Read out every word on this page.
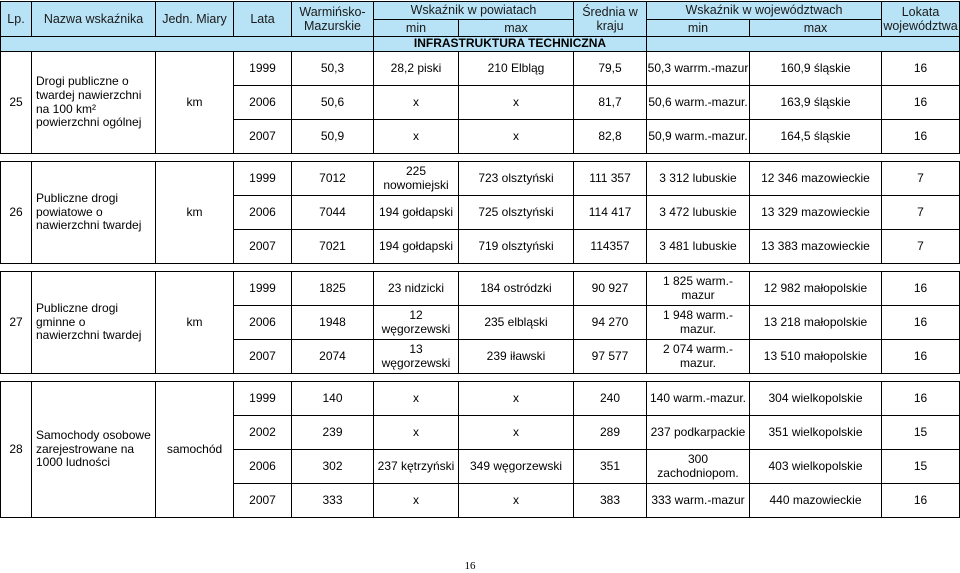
Lp.	Nazwa wskaźnika	Jedn. Miary	Lata	Warmińsko-Mazurskie	Wskaźnik w powiatach		Średnia w kraju	Wskaźnik w województwach		Lokata województwa
					min	max		min	max	
					INFRASTRUKTURA TECHNICZNA					
25	Drogi publiczne o twardej nawierzchni na 100 km² powierzchni ogólnej	km	1999	50,3	28,2 piski	210 Elbląg	79,5	50,3 warrm.-mazur	160,9 śląskie	16
			2006	50,6	x	x	81,7	50,6 warm.-mazur.	163,9 śląskie	16
			2007	50,9	x	x	82,8	50,9 warm.-mazur.	164,5 śląskie	16

26	Publiczne drogi powiatowe o nawierzchni twardej	km	1999	7012	225 nowomiejski	723 olsztyński	111 357	3 312 lubuskie	12 346 mazowieckie	7
			2006	7044	194 gołdapski	725 olsztyński	114 417	3 472 lubuskie	13 329 mazowieckie	7
			2007	7021	194 gołdapski	719 olsztyński	114357	3 481 lubuskie	13 383 mazowieckie	7

27	Publiczne drogi gminne o nawierzchni twardej	km	1999	1825	23 nidzicki	184 ostródzki	90 927	1 825 warm.-mazur	12 982 małopolskie	16
			2006	1948	12 węgorzewski	235 elbląski	94 270	1 948 warm.-mazur.	13 218 małopolskie	16
			2007	2074	13 węgorzewski	239 iławski	97 577	2 074 warm.-mazur.	13 510 małopolskie	16

28	Samochody osobowe zarejestrowane na 1000 ludności	samochód	1999	140	x	x	240	140 warm.-mazur.	304 wielkopolskie	16
			2002	239	x	x	289	237 podkarpackie	351 wielkopolskie	15
			2006	302	237 kętrzyński	349 węgorzewski	351	300 zachodniopom.	403 wielkopolskie	15
			2007	333	x	x	383	333 warm.-mazur	440 mazowieckie	16
16
